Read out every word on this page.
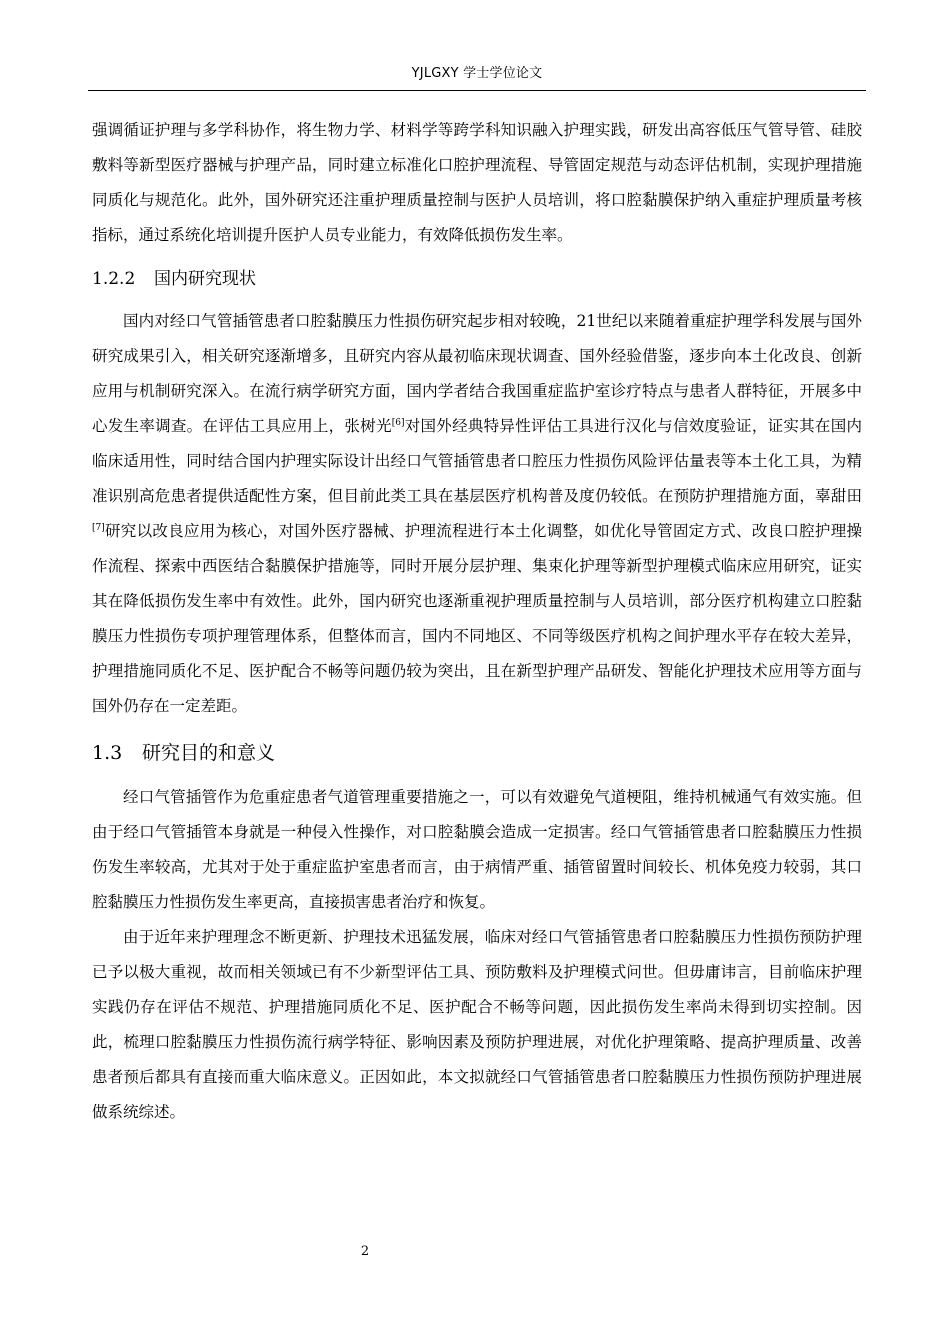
YJLGXY 学士学位论文

强调循证护理与多学科协作，将生物力学、材料学等跨学科知识融入护理实践，研发出高容低压气管导管、硅胶敷料等新型医疗器械与护理产品，同时建立标准化口腔护理流程、导管固定规范与动态评估机制，实现护理措施同质化与规范化。此外，国外研究还注重护理质量控制与医护人员培训，将口腔黏膜保护纳入重症护理质量考核指标，通过系统化培训提升医护人员专业能力，有效降低损伤发生率。

1.2.2 国内研究现状

国内对经口气管插管患者口腔黏膜压力性损伤研究起步相对较晚，21世纪以来随着重症护理学科发展与国外研究成果引入，相关研究逐渐增多，且研究内容从最初临床现状调查、国外经验借鉴，逐步向本土化改良、创新应用与机制研究深入。在流行病学研究方面，国内学者结合我国重症监护室诊疗特点与患者人群特征，开展多中心发生率调查。在评估工具应用上，张树光[6]对国外经典特异性评估工具进行汉化与信效度验证，证实其在国内临床适用性，同时结合国内护理实际设计出经口气管插管患者口腔压力性损伤风险评估量表等本土化工具，为精准识别高危患者提供适配性方案，但目前此类工具在基层医疗机构普及度仍较低。在预防护理措施方面，辜甜田[7]研究以改良应用为核心，对国外医疗器械、护理流程进行本土化调整，如优化导管固定方式、改良口腔护理操作流程、探索中西医结合黏膜保护措施等，同时开展分层护理、集束化护理等新型护理模式临床应用研究，证实其在降低损伤发生率中有效性。此外，国内研究也逐渐重视护理质量控制与人员培训，部分医疗机构建立口腔黏膜压力性损伤专项护理管理体系，但整体而言，国内不同地区、不同等级医疗机构之间护理水平存在较大差异，护理措施同质化不足、医护配合不畅等问题仍较为突出，且在新型护理产品研发、智能化护理技术应用等方面与国外仍存在一定差距。

1.3 研究目的和意义

经口气管插管作为危重症患者气道管理重要措施之一，可以有效避免气道梗阻，维持机械通气有效实施。但由于经口气管插管本身就是一种侵入性操作，对口腔黏膜会造成一定损害。经口气管插管患者口腔黏膜压力性损伤发生率较高，尤其对于处于重症监护室患者而言，由于病情严重、插管留置时间较长、机体免疫力较弱，其口腔黏膜压力性损伤发生率更高，直接损害患者治疗和恢复。

由于近年来护理理念不断更新、护理技术迅猛发展，临床对经口气管插管患者口腔黏膜压力性损伤预防护理已予以极大重视，故而相关领域已有不少新型评估工具、预防敷料及护理模式问世。但毋庸讳言，目前临床护理实践仍存在评估不规范、护理措施同质化不足、医护配合不畅等问题，因此损伤发生率尚未得到切实控制。因此，梳理口腔黏膜压力性损伤流行病学特征、影响因素及预防护理进展，对优化护理策略、提高护理质量、改善患者预后都具有直接而重大临床意义。正因如此，本文拟就经口气管插管患者口腔黏膜压力性损伤预防护理进展做系统综述。

2
